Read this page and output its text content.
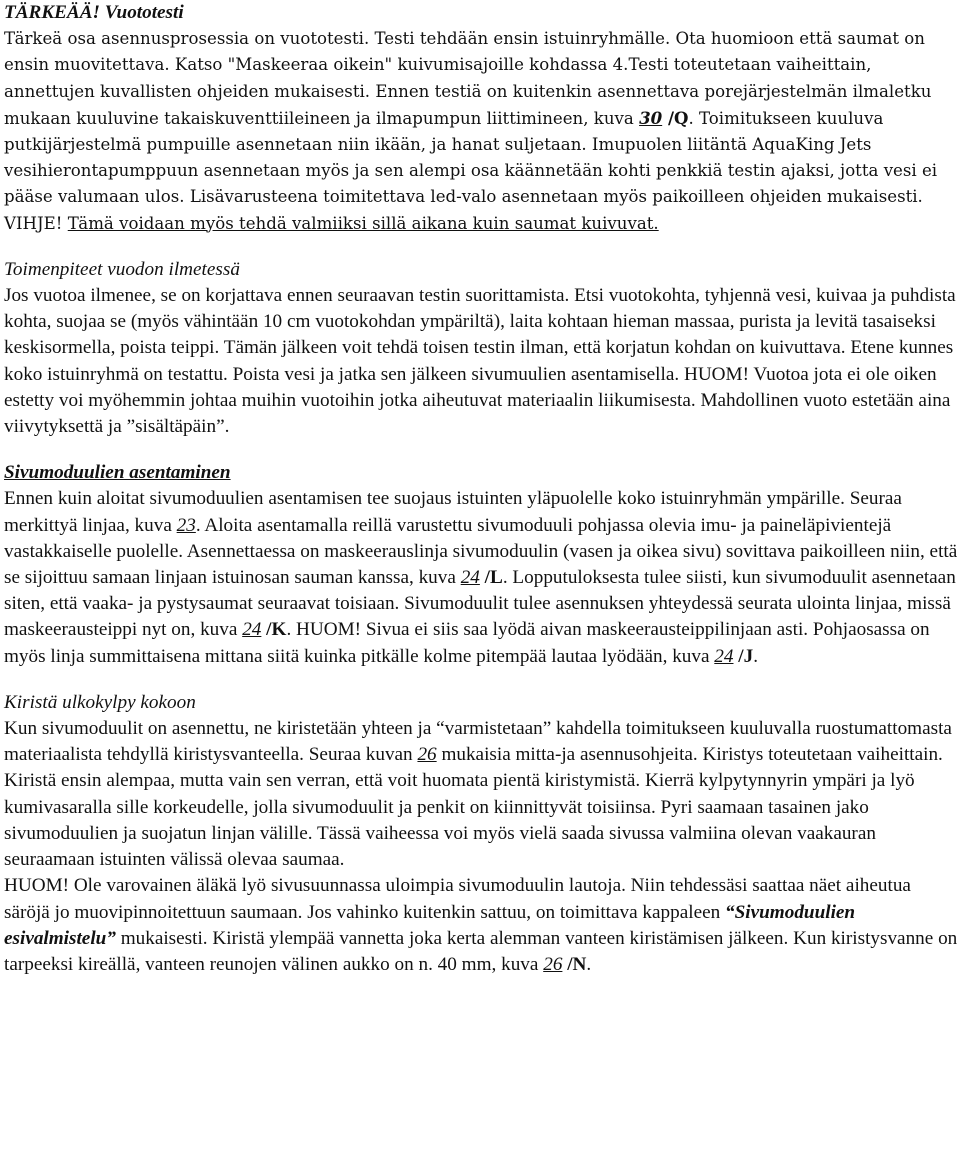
TÄRKEÄÄ! Vuototesti

Tärkeä osa asennusprosessia on vuototesti. Testi tehdään ensin istuinryhmälle. Ota huomioon että saumat on ensin muovitettava. Katso "Maskeeraa oikein" kuivumisajoille kohdassa 4.Testi toteutetaan vaiheittain, annettujen kuvallisten ohjeiden mukaisesti. Ennen testiä on kuitenkin asennettava porejärjestelmän ilmaletku mukaan kuuluvine takaiskuventtiileineen ja ilmapumpun liittimineen, kuva 30 /Q. Toimitukseen kuuluva putkijärjestelmä pumpuille asennetaan niin ikään, ja hanat suljetaan. Imupuolen liitäntä AquaKing Jets vesihierontapumppuun asennetaan myös ja sen alempi osa käännetään kohti penkkiä testin ajaksi, jotta vesi ei pääse valumaan ulos. Lisävarusteena toimitettava led-valo asennetaan myös paikoilleen ohjeiden mukaisesti. VIHJE! Tämä voidaan myös tehdä valmiiksi sillä aikana kuin saumat kuivuvat.

Toimenpiteet vuodon ilmetessä

Jos vuotoa ilmenee, se on korjattava ennen seuraavan testin suorittamista. Etsi vuotokohta, tyhjennä vesi, kuivaa ja puhdista kohta, suojaa se (myös vähintään 10 cm vuotokohdan ympäriltä), laita kohtaan hieman massaa, purista ja levitä tasaiseksi keskisormella, poista teippi. Tämän jälkeen voit tehdä toisen testin ilman, että korjatun kohdan on kuivuttava. Etene kunnes koko istuinryhmä on testattu. Poista vesi ja jatka sen jälkeen sivumuulien asentamisella. HUOM! Vuotoa jota ei ole oiken estetty voi myöhemmin johtaa muihin vuotoihin jotka aiheutuvat materiaalin liikumisesta. Mahdollinen vuoto estetään aina viivytyksettä ja ”sisältäpäin”.

Sivumoduulien asentaminen

Ennen kuin aloitat sivumoduulien asentamisen tee suojaus istuinten yläpuolelle koko istuinryhmän ympärille. Seuraa merkittyä linjaa, kuva 23. Aloita asentamalla reillä varustettu sivumoduuli pohjassa olevia imu- ja paineläpivientejä vastakkaiselle puolelle. Asennettaessa on maskeerauslinja sivumoduulin (vasen ja oikea sivu) sovittava paikoilleen niin, että se sijoittuu samaan linjaan istuinosan sauman kanssa, kuva 24 /L. Lopputuloksesta tulee siisti, kun sivumoduulit asennetaan siten, että vaaka- ja pystysaumat seuraavat toisiaan. Sivumoduulit tulee asennuksen yhteydessä seurata ulointa linjaa, missä maskeerausteippi nyt on, kuva 24 /K. HUOM! Sivua ei siis saa lyödä aivan maskeerausteippilinjaan asti. Pohjaosassa on myös linja summittaisena mittana siitä kuinka pitkälle kolme pitempää lautaa lyödään, kuva 24 /J.

Kiristä ulkokylpy kokoon

Kun sivumoduulit on asennettu, ne kiristetään yhteen ja “varmistetaan” kahdella toimitukseen kuuluvalla ruostumattomasta materiaalista tehdyllä kiristysvanteella. Seuraa kuvan 26 mukaisia mitta-ja asennusohjeita. Kiristys toteutetaan vaiheittain. Kiristä ensin alempaa, mutta vain sen verran, että voit huomata pientä kiristymistä. Kierrä kylpytynnyrin ympäri ja lyö kumivasaralla sille korkeudelle, jolla sivumoduulit ja penkit on kiinnittyvät toisiinsa. Pyri saamaan tasainen jako sivumoduulien ja suojatun linjan välille. Tässä vaiheessa voi myös vielä saada sivussa valmiina olevan vaakauran seuraamaan istuinten välissä olevaa saumaa.

HUOM! Ole varovainen äläkä lyö sivusuunnassa uloimpia sivumoduulin lautoja. Niin tehdessäsi saattaa näet aiheutua säröjä jo muovipinnoitettuun saumaan. Jos vahinko kuitenkin sattuu, on toimittava kappaleen “Sivumoduulien esivalmistelu” mukaisesti. Kiristä ylempää vannetta joka kerta alemman vanteen kiristämisen jälkeen. Kun kiristysvanne on tarpeeksi kireällä, vanteen reunojen välinen aukko on n. 40 mm, kuva 26 /N.
